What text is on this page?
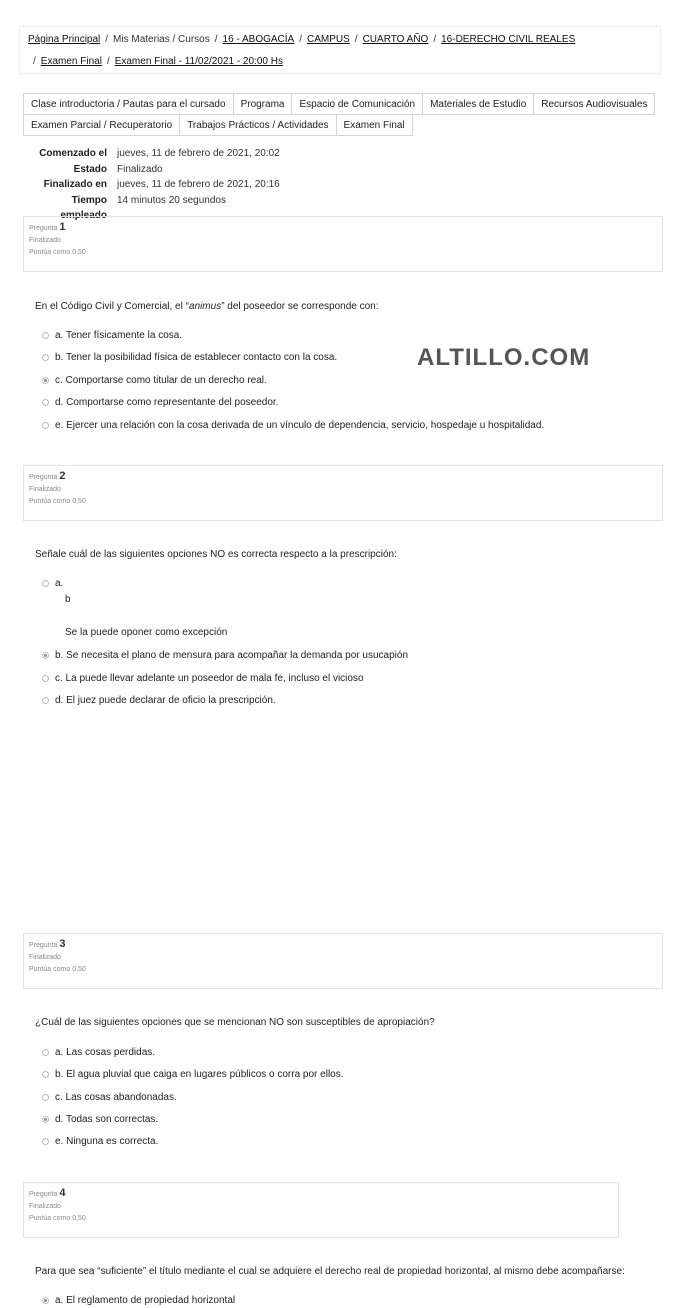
Página Principal / Mis Materias / Cursos / 16 - ABOGACÍA / CAMPUS / CUARTO AÑO / 16-DERECHO CIVIL REALES
/ Examen Final / Examen Final - 11/02/2021 - 20:00 Hs
Clase introductoria / Pautas para el cursado	Programa	Espacio de Comunicación	Materiales de Estudio	Recursos Audiovisuales
Examen Parcial / Recuperatorio	Trabajos Prácticos / Actividades	Examen Final
Comenzado el	jueves, 11 de febrero de 2021, 20:02
Estado	Finalizado
Finalizado en	jueves, 11 de febrero de 2021, 20:16
Tiempo empleado
14 minutos 20 segundos
Pregunta 1
Finalizado
Puntúa como 0,50
En el Código Civil y Comercial, el “animus” del poseedor se corresponde con:
a. Tener físicamente la cosa.
b. Tener la posibilidad física de establecer contacto con la cosa.
c. Comportarse como titular de un derecho real.
d. Comportarse como representante del poseedor.
e. Ejercer una relación con la cosa derivada de un vínculo de dependencia, servicio, hospedaje u hospitalidad.
ALTILLO.COM
Pregunta 2
Finalizado
Puntúa como 0,50
Señale cuál de las siguientes opciones NO es correcta respecto a la prescripción:
a.
b
Se la puede oponer como excepción
b. Se necesita el plano de mensura para acompañar la demanda por usucapión
c. La puede llevar adelante un poseedor de mala fe, incluso el vicioso
d. El juez puede declarar de oficio la prescripción.
Pregunta 3
Finalizado
Puntúa como 0,50
¿Cuál de las siguientes opciones que se mencionan NO son susceptibles de apropiación?
a. Las cosas perdidas.
b. El agua pluvial que caiga en lugares públicos o corra por ellos.
c. Las cosas abandonadas.
d. Todas son correctas.
e. Ninguna es correcta.
Pregunta 4
Finalizado
Puntúa como 0,50
Para que sea “suficiente” el título mediante el cual se adquiere el derecho real de propiedad horizontal, al mismo debe acompañarse:
a. El reglamento de propiedad horizontal
